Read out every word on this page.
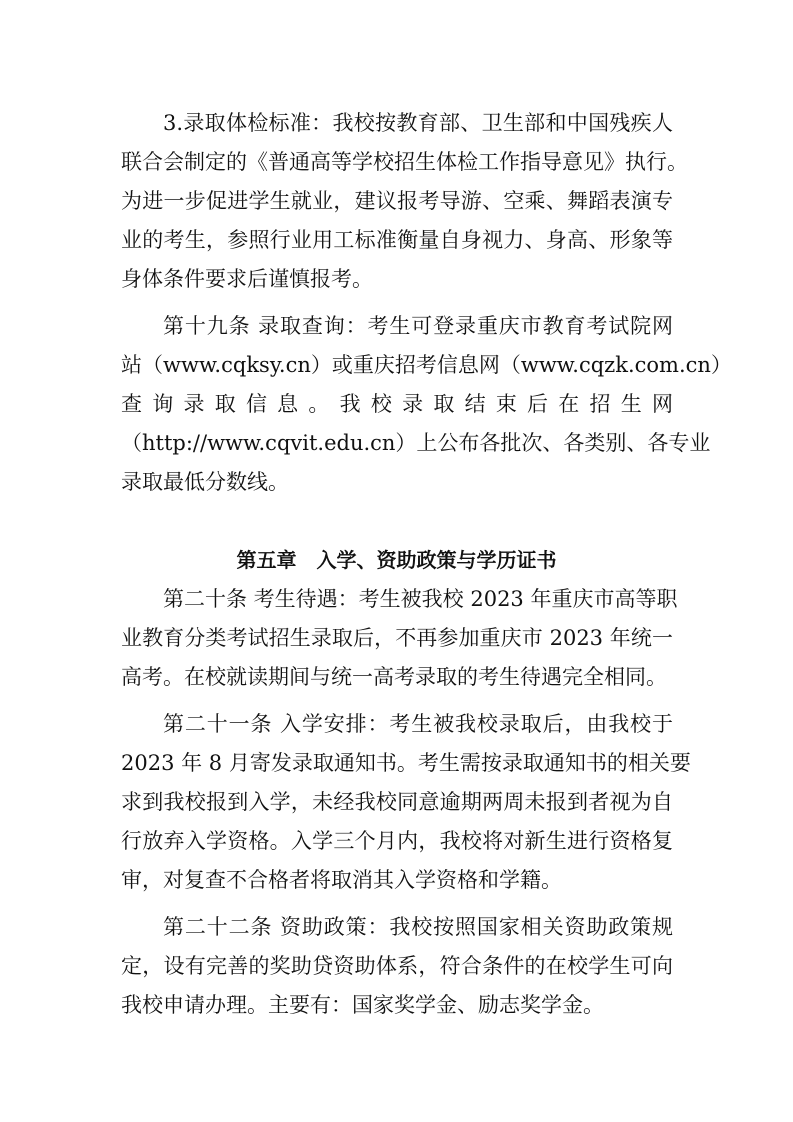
3.录取体检标准：我校按教育部、卫生部和中国残疾人
联合会制定的《普通高等学校招生体检工作指导意见》执行。
为进一步促进学生就业，建议报考导游、空乘、舞蹈表演专
业的考生，参照行业用工标准衡量自身视力、身高、形象等
身体条件要求后谨慎报考。
第十九条 录取查询：考生可登录重庆市教育考试院网
站（www.cqksy.cn）或重庆招考信息网（www.cqzk.com.cn）
查 询 录 取 信 息 。 我 校 录 取 结 束 后 在 招 生 网
（http://www.cqvit.edu.cn）上公布各批次、各类别、各专业
录取最低分数线。
第五章　入学、资助政策与学历证书
第二十条 考生待遇：考生被我校 2023 年重庆市高等职
业教育分类考试招生录取后，不再参加重庆市 2023 年统一
高考。在校就读期间与统一高考录取的考生待遇完全相同。
第二十一条 入学安排：考生被我校录取后，由我校于
2023 年 8 月寄发录取通知书。考生需按录取通知书的相关要
求到我校报到入学，未经我校同意逾期两周未报到者视为自
行放弃入学资格。入学三个月内，我校将对新生进行资格复
审，对复查不合格者将取消其入学资格和学籍。
第二十二条 资助政策：我校按照国家相关资助政策规
定，设有完善的奖助贷资助体系，符合条件的在校学生可向
我校申请办理。主要有：国家奖学金、励志奖学金。
